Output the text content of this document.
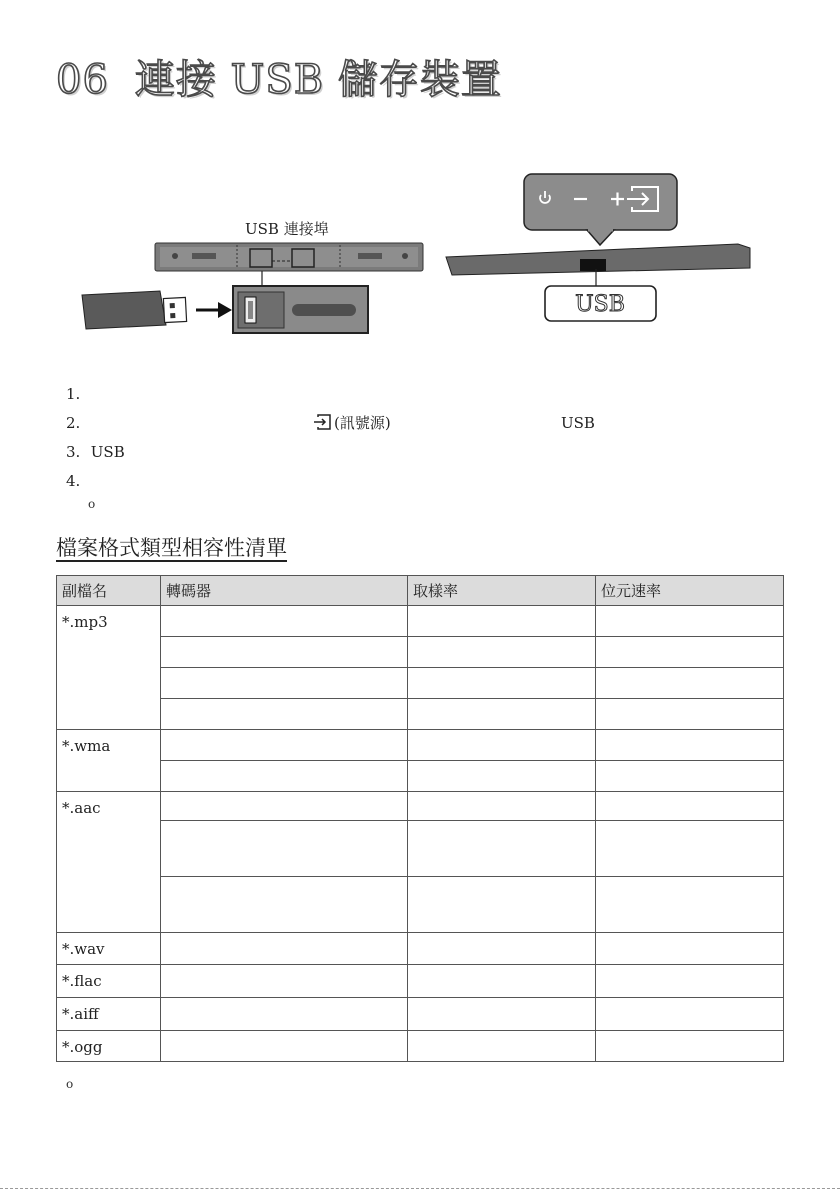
06 連接 USB 儲存裝置
USB
USB 連接埠
1.
2.	(訊號源)	USB
3. USB
4.
o
檔案格式類型相容性清單
副檔名	轉碼器	取樣率	位元速率
*.mp3			

*.wma			

*.aac			

*.wav			
*.flac			
*.aiff			
*.ogg			
o
